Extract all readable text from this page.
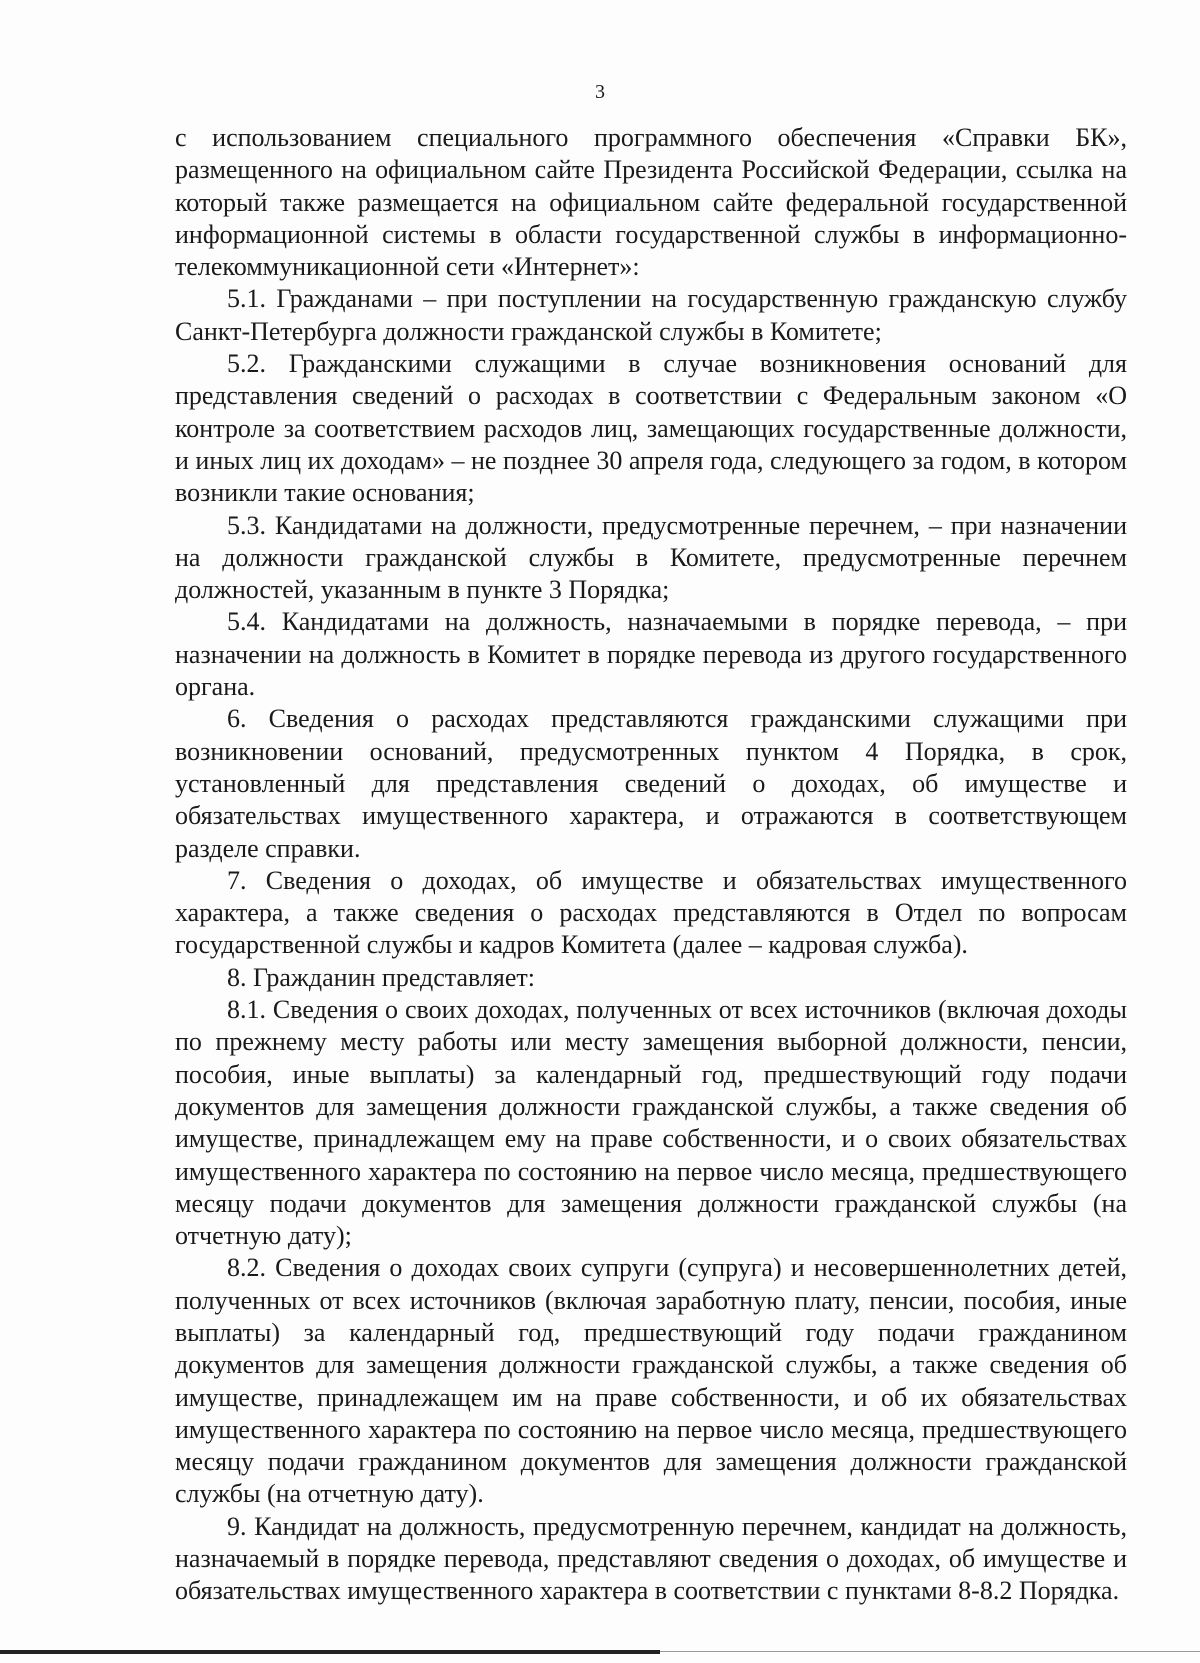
3

с использованием специального программного обеспечения «Справки БК», размещенного на официальном сайте Президента Российской Федерации, ссылка на который также размещается на официальном сайте федеральной государственной информационной системы в области государственной службы в информационно-телекоммуникационной сети «Интернет»:

5.1. Гражданами – при поступлении на государственную гражданскую службу Санкт-Петербурга должности гражданской службы в Комитете;

5.2. Гражданскими служащими в случае возникновения оснований для представления сведений о расходах в соответствии с Федеральным законом «О контроле за соответствием расходов лиц, замещающих государственные должности, и иных лиц их доходам» – не позднее 30 апреля года, следующего за годом, в котором возникли такие основания;

5.3. Кандидатами на должности, предусмотренные перечнем, – при назначении на должности гражданской службы в Комитете, предусмотренные перечнем должностей, указанным в пункте 3 Порядка;

5.4. Кандидатами на должность, назначаемыми в порядке перевода, – при назначении на должность в Комитет в порядке перевода из другого государственного органа.

6. Сведения о расходах представляются гражданскими служащими при возникновении оснований, предусмотренных пунктом 4 Порядка, в срок, установленный для представления сведений о доходах, об имуществе и обязательствах имущественного характера, и отражаются в соответствующем разделе справки.

7. Сведения о доходах, об имуществе и обязательствах имущественного характера, а также сведения о расходах представляются в Отдел по вопросам государственной службы и кадров Комитета (далее – кадровая служба).

8. Гражданин представляет:

8.1. Сведения о своих доходах, полученных от всех источников (включая доходы по прежнему месту работы или месту замещения выборной должности, пенсии, пособия, иные выплаты) за календарный год, предшествующий году подачи документов для замещения должности гражданской службы, а также сведения об имуществе, принадлежащем ему на праве собственности, и о своих обязательствах имущественного характера по состоянию на первое число месяца, предшествующего месяцу подачи документов для замещения должности гражданской службы (на отчетную дату);

8.2. Сведения о доходах своих супруги (супруга) и несовершеннолетних детей, полученных от всех источников (включая заработную плату, пенсии, пособия, иные выплаты) за календарный год, предшествующий году подачи гражданином документов для замещения должности гражданской службы, а также сведения об имуществе, принадлежащем им на праве собственности, и об их обязательствах имущественного характера по состоянию на первое число месяца, предшествующего месяцу подачи гражданином документов для замещения должности гражданской службы (на отчетную дату).

9. Кандидат на должность, предусмотренную перечнем, кандидат на должность, назначаемый в порядке перевода, представляют сведения о доходах, об имуществе и обязательствах имущественного характера в соответствии с пунктами 8-8.2 Порядка.
